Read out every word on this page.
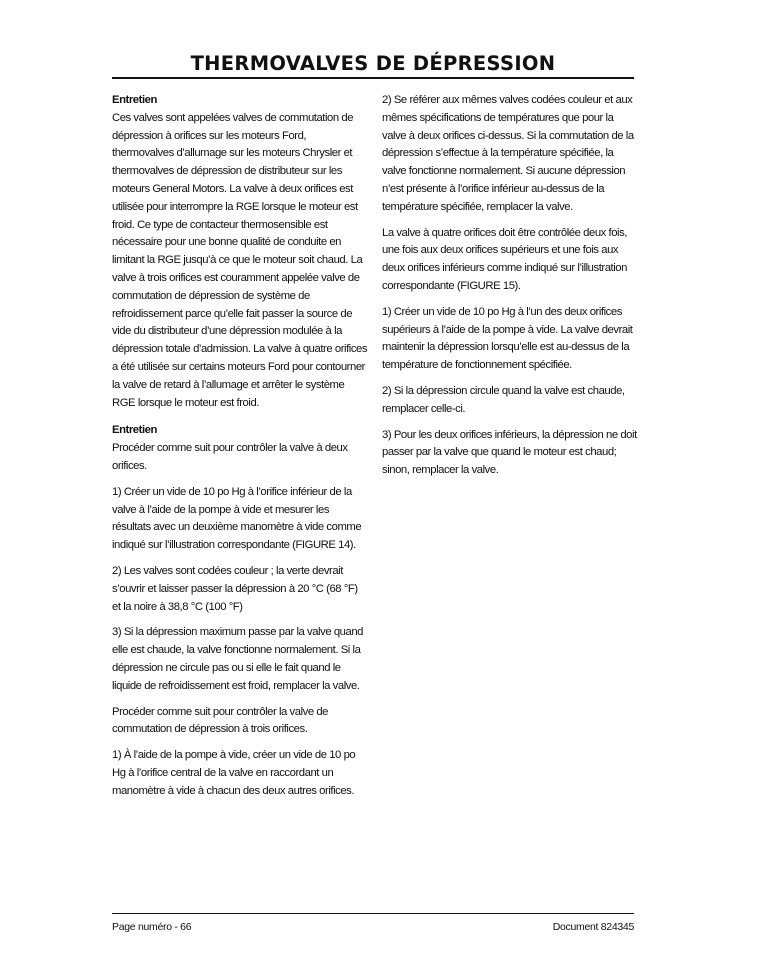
THERMOVALVES DE DÉPRESSION

Entretien

Ces valves sont appelées valves de commutation de dépression à orifices sur les moteurs Ford, thermovalves d’allumage sur les moteurs Chrysler et thermovalves de dépression de distributeur sur les moteurs General Motors. La valve à deux orifices est utilisée pour interrompre la RGE lorsque le moteur est froid. Ce type de contacteur thermosensible est nécessaire pour une bonne qualité de conduite en limitant la RGE jusqu’à ce que le moteur soit chaud. La valve à trois orifices est couramment appelée valve de commutation de dépression de système de refroidissement parce qu’elle fait passer la source de vide du distributeur d’une dépression modulée à la dépression totale d’admission. La valve à quatre orifices a été utilisée sur certains moteurs Ford pour contourner la valve de retard à l’allumage et arrêter le système RGE lorsque le moteur est froid.

Entretien

Procéder comme suit pour contrôler la valve à deux orifices.

1) Créer un vide de 10 po Hg à l’orifice inférieur de la valve à l’aide de la pompe à vide et mesurer les résultats avec un deuxième manomètre à vide comme indiqué sur l’illustration correspondante (FIGURE 14).

2) Les valves sont codées couleur ; la verte devrait s’ouvrir et laisser passer la dépression à 20 °C (68 °F) et la noire à 38,8 °C (100 °F)

3) Si la dépression maximum passe par la valve quand elle est chaude, la valve fonctionne normalement. Si la dépression ne circule pas ou si elle le fait quand le liquide de refroidissement est froid, remplacer la valve.

Procéder comme suit pour contrôler la valve de commutation de dépression à trois orifices.

1) À l’aide de la pompe à vide, créer un vide de 10 po Hg à l’orifice central de la valve en raccordant un manomètre à vide à chacun des deux autres orifices.

2) Se référer aux mêmes valves codées couleur et aux mêmes spécifications de températures que pour la valve à deux orifices ci-dessus. Si la commutation de la dépression s’effectue à la température spécifiée, la valve fonctionne normalement. Si aucune dépression n’est présente à l’orifice inférieur au-dessus de la température spécifiée, remplacer la valve.

La valve à quatre orifices doit être contrôlée deux fois, une fois aux deux orifices supérieurs et une fois aux deux orifices inférieurs comme indiqué sur l’illustration correspondante (FIGURE 15).

1) Créer un vide de 10 po Hg à l’un des deux orifices supérieurs à l’aide de la pompe à vide. La valve devrait maintenir la dépression lorsqu’elle est au-dessus de la température de fonctionnement spécifiée.

2) Si la dépression circule quand la valve est chaude, remplacer celle-ci.

3) Pour les deux orifices inférieurs, la dépression ne doit passer par la valve que quand le moteur est chaud; sinon, remplacer la valve.

Page numéro - 66	Document 824345
